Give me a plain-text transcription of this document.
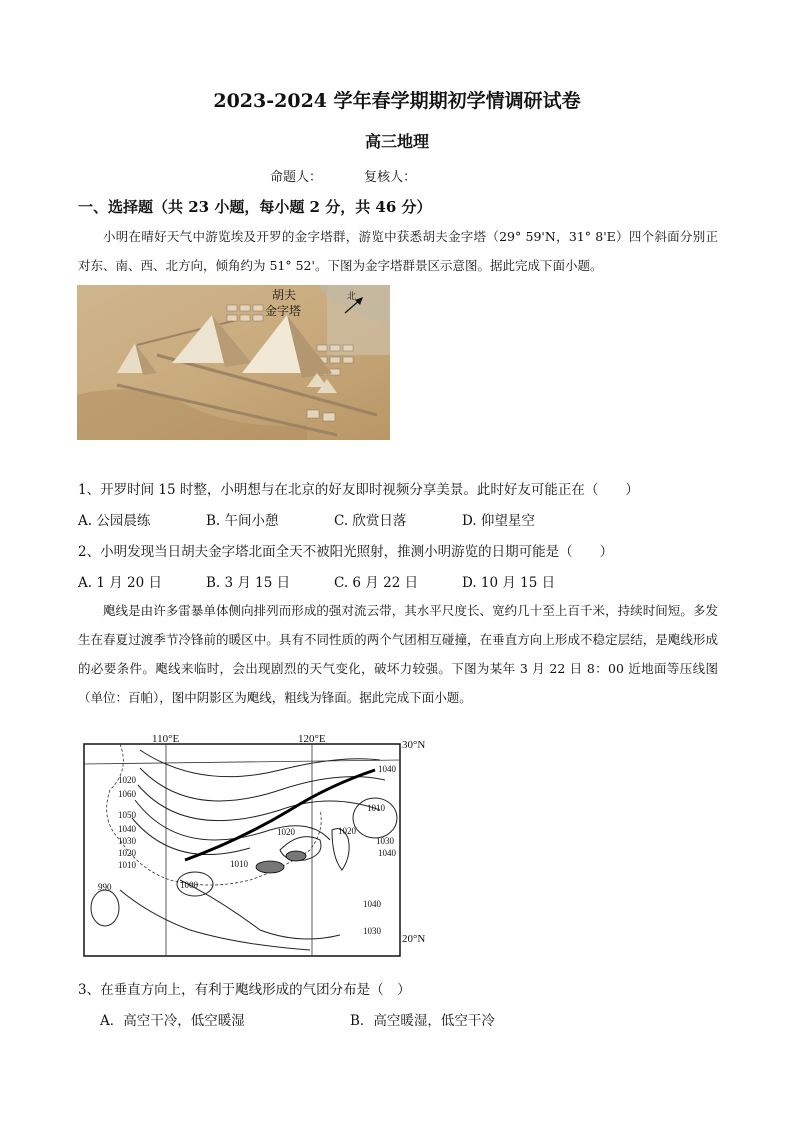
2023-2024 学年春学期期初学情调研试卷
高三地理
命题人：	复核人：
一、选择题（共 23 小题，每小题 2 分，共 46 分）
小明在晴好天气中游览埃及开罗的金字塔群，游览中获悉胡夫金字塔（29° 59'N，31° 8'E）四个斜面分别正对东、南、西、北方向，倾角约为 51° 52'。下图为金字塔群景区示意图。据此完成下面小题。
北
胡夫
金字塔
1、开罗时间 15 时整，小明想与在北京的好友即时视频分享美景。此时好友可能正在（　　）
A. 公园晨练	B. 午间小憩	C. 欣赏日落	D. 仰望星空
2、小明发现当日胡夫金字塔北面全天不被阳光照射，推测小明游览的日期可能是（　　）
A. 1 月 20 日	B. 3 月 15 日	C. 6 月 22 日	D. 10 月 15 日
飑线是由许多雷暴单体侧向排列而形成的强对流云带，其水平尺度长、宽约几十至上百千米，持续时间短。多发生在春夏过渡季节冷锋前的暖区中。具有不同性质的两个气团相互碰撞，在垂直方向上形成不稳定层结，是飑线形成的必要条件。飑线来临时，会出现剧烈的天气变化，破坏力较强。下图为某年 3 月 22 日 8：00 近地面等压线图（单位：百帕），图中阴影区为飑线，粗线为锋面。据此完成下面小题。
110°E	120°E	30°N
20°N
1020
1060
1050
1040
1030
1020
1010
990	1000
1010
1020	1020
1040
1010
1030
1040
1040
1030
3、在垂直方向上，有利于飑线形成的气团分布是（　）
A．高空干冷，低空暖湿	B．高空暖湿，低空干冷
